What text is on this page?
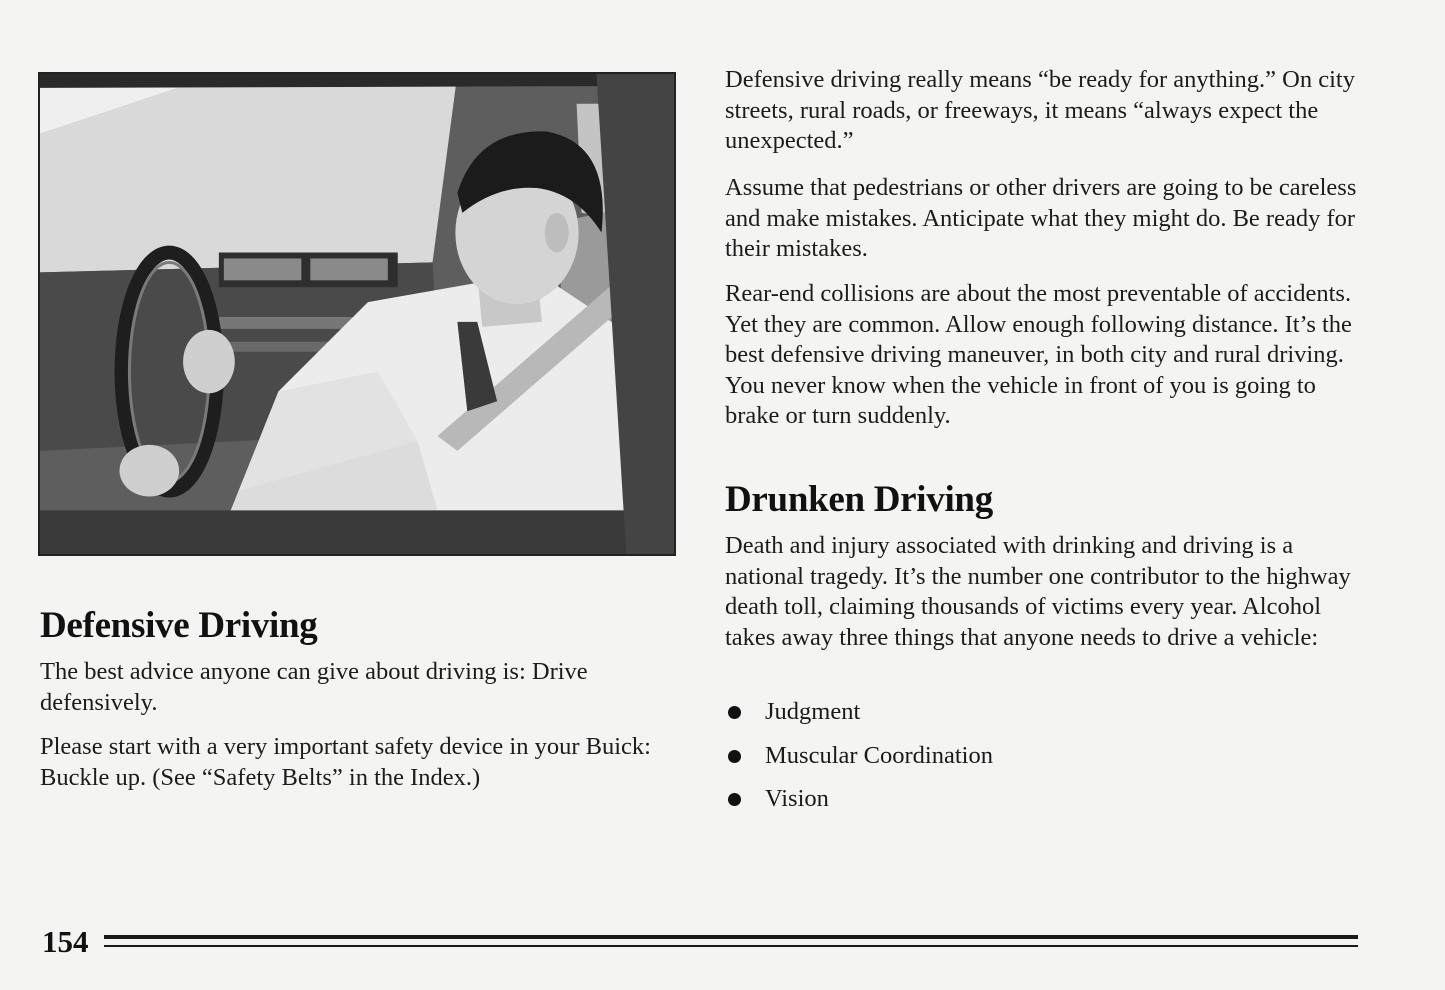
Defensive Driving

The best advice anyone can give about driving is: Drive defensively.

Please start with a very important safety device in your Buick: Buckle up. (See “Safety Belts” in the Index.)

Defensive driving really means “be ready for anything.” On city streets, rural roads, or freeways, it means “always expect the unexpected.”

Assume that pedestrians or other drivers are going to be careless and make mistakes. Anticipate what they might do. Be ready for their mistakes.

Rear-end collisions are about the most preventable of accidents. Yet they are common. Allow enough following distance. It’s the best defensive driving maneuver, in both city and rural driving. You never know when the vehicle in front of you is going to brake or turn suddenly.

Drunken Driving

Death and injury associated with drinking and driving is a national tragedy. It’s the number one contributor to the highway death toll, claiming thousands of victims every year. Alcohol takes away three things that anyone needs to drive a vehicle:

Judgment
Muscular Coordination
Vision
154
